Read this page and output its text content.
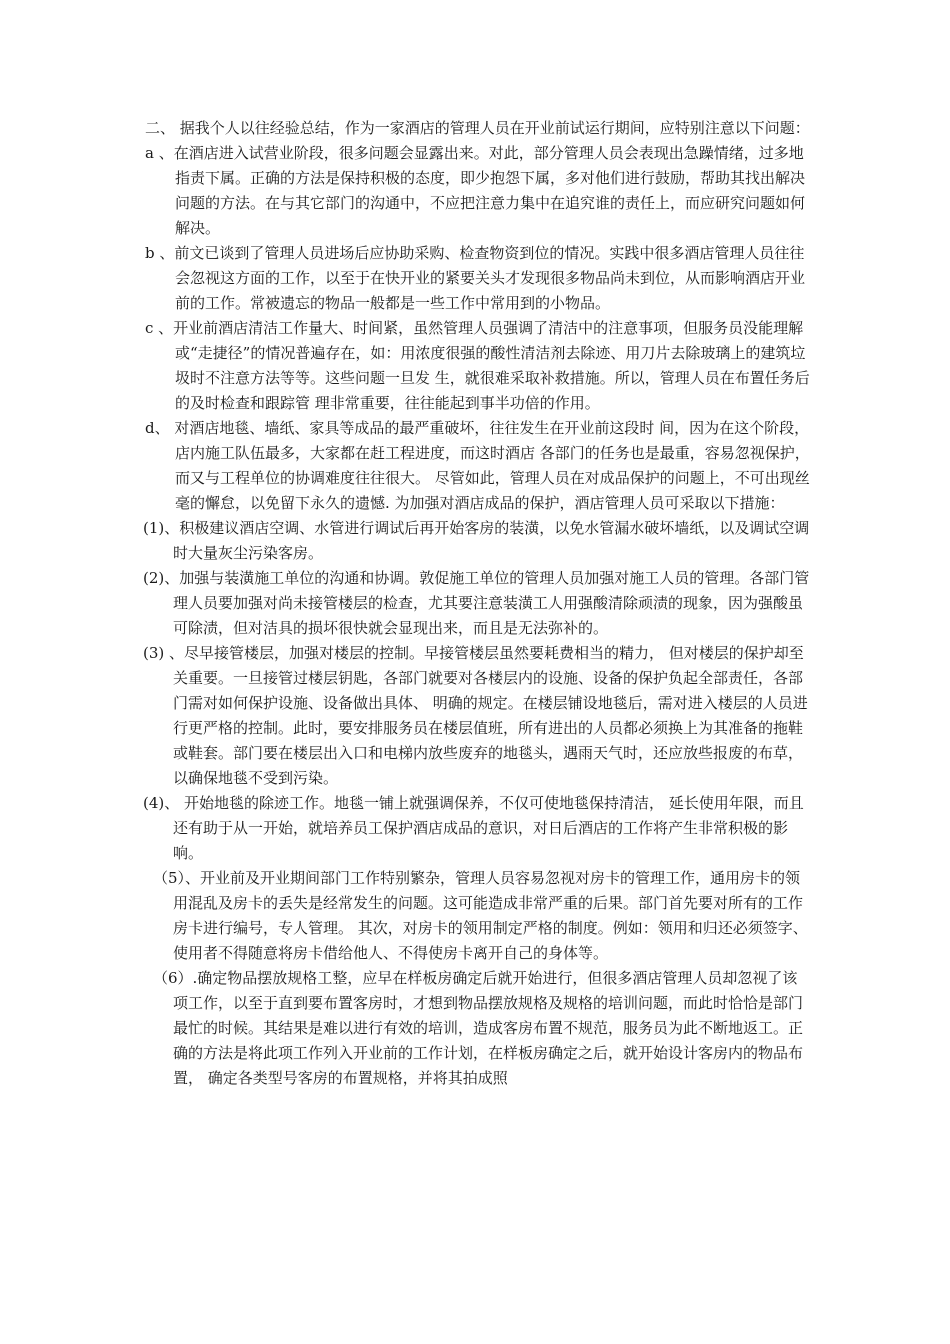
二、 据我个人以往经验总结，作为一家酒店的管理人员在开业前试运行期间，应特别注意以下问题：

a 、在酒店进入试营业阶段，很多问题会显露出来。对此，部分管理人员会表现出急躁情绪，过多地指责下属。正确的方法是保持积极的态度，即少抱怨下属，多对他们进行鼓励，帮助其找出解决问题的方法。在与其它部门的沟通中，不应把注意力集中在追究谁的责任上，而应研究问题如何解决。

b 、前文已谈到了管理人员进场后应协助采购、检查物资到位的情况。实践中很多酒店管理人员往往会忽视这方面的工作，以至于在快开业的紧要关头才发现很多物品尚未到位，从而影响酒店开业前的工作。常被遗忘的物品一般都是一些工作中常用到的小物品。

c 、开业前酒店清洁工作量大、时间紧，虽然管理人员强调了清洁中的注意事项，但服务员没能理解或“走捷径”的情况普遍存在，如：用浓度很强的酸性清洁剂去除迹、用刀片去除玻璃上的建筑垃圾时不注意方法等等。这些问题一旦发 生，就很难采取补救措施。所以，管理人员在布置任务后的及时检查和跟踪管 理非常重要，往往能起到事半功倍的作用。

d、 对酒店地毯、墙纸、家具等成品的最严重破坏，往往发生在开业前这段时 间，因为在这个阶段，店内施工队伍最多，大家都在赶工程进度，而这时酒店 各部门的任务也是最重，容易忽视保护，而又与工程单位的协调难度往往很大。 尽管如此，管理人员在对成品保护的问题上，不可出现丝毫的懈怠，以免留下永久的遗憾. 为加强对酒店成品的保护，酒店管理人员可采取以下措施：

(1)、积极建议酒店空调、水管进行调试后再开始客房的装潢，以免水管漏水破坏墙纸，以及调试空调时大量灰尘污染客房。

(2)、加强与装潢施工单位的沟通和协调。敦促施工单位的管理人员加强对施工人员的管理。各部门管理人员要加强对尚未接管楼层的检查，尤其要注意装潢工人用强酸清除顽渍的现象，因为强酸虽可除渍，但对洁具的损坏很快就会显现出来，而且是无法弥补的。

(3) 、尽早接管楼层，加强对楼层的控制。早接管楼层虽然要耗费相当的精力， 但对楼层的保护却至关重要。一旦接管过楼层钥匙，各部门就要对各楼层内的设施、设备的保护负起全部责任，各部门需对如何保护设施、设备做出具体、 明确的规定。在楼层铺设地毯后，需对进入楼层的人员进行更严格的控制。此时，要安排服务员在楼层值班，所有进出的人员都必须换上为其准备的拖鞋或鞋套。部门要在楼层出入口和电梯内放些废弃的地毯头，遇雨天气时，还应放些报废的布草，以确保地毯不受到污染。

(4)、 开始地毯的除迹工作。地毯一铺上就强调保养，不仅可使地毯保持清洁， 延长使用年限，而且还有助于从一开始，就培养员工保护酒店成品的意识，对日后酒店的工作将产生非常积极的影响。

（5）、开业前及开业期间部门工作特别繁杂，管理人员容易忽视对房卡的管理工作，通用房卡的领用混乱及房卡的丢失是经常发生的问题。这可能造成非常严重的后果。部门首先要对所有的工作房卡进行编号，专人管理。 其次，对房卡的领用制定严格的制度。例如：领用和归还必须签字、使用者不得随意将房卡借给他人、不得使房卡离开自己的身体等。

（6）.确定物品摆放规格工整，应早在样板房确定后就开始进行，但很多酒店管理人员却忽视了该项工作，以至于直到要布置客房时，才想到物品摆放规格及规格的培训问题，而此时恰恰是部门最忙的时候。其结果是难以进行有效的培训，造成客房布置不规范，服务员为此不断地返工。正确的方法是将此项工作列入开业前的工作计划，在样板房确定之后，就开始设计客房内的物品布置， 确定各类型号客房的布置规格，并将其拍成照
